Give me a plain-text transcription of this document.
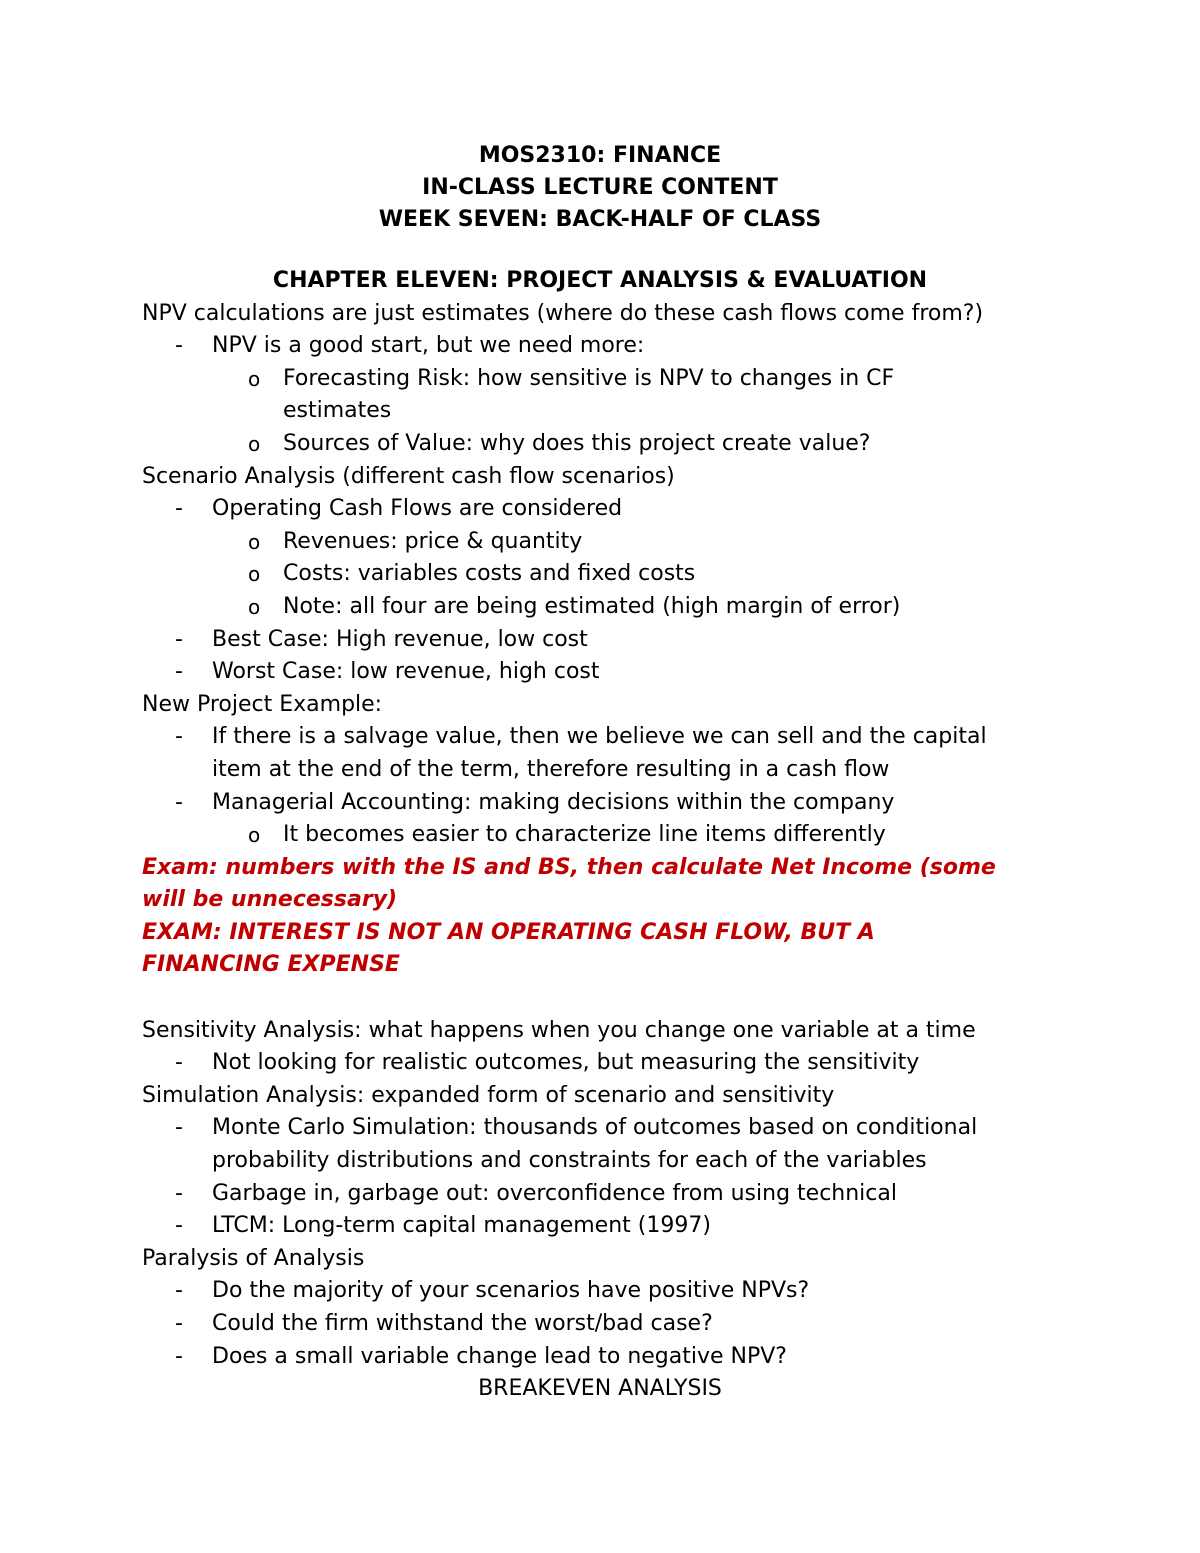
MOS2310: FINANCE
IN-CLASS LECTURE CONTENT
WEEK SEVEN: BACK-HALF OF CLASS
CHAPTER ELEVEN: PROJECT ANALYSIS & EVALUATION
NPV calculations are just estimates (where do these cash flows come from?)
- NPV is a good start, but we need more:
o Forecasting Risk: how sensitive is NPV to changes in CF
estimates
o Sources of Value: why does this project create value?
Scenario Analysis (different cash flow scenarios)
- Operating Cash Flows are considered
o Revenues: price & quantity
o Costs: variables costs and fixed costs
o Note: all four are being estimated (high margin of error)
- Best Case: High revenue, low cost
- Worst Case: low revenue, high cost
New Project Example:
- If there is a salvage value, then we believe we can sell and the capital
item at the end of the term, therefore resulting in a cash flow
- Managerial Accounting: making decisions within the company
o It becomes easier to characterize line items differently
Exam: numbers with the IS and BS, then calculate Net Income (some
will be unnecessary)
EXAM: INTEREST IS NOT AN OPERATING CASH FLOW, BUT A
FINANCING EXPENSE
Sensitivity Analysis: what happens when you change one variable at a time
- Not looking for realistic outcomes, but measuring the sensitivity
Simulation Analysis: expanded form of scenario and sensitivity
- Monte Carlo Simulation: thousands of outcomes based on conditional
probability distributions and constraints for each of the variables
- Garbage in, garbage out: overconfidence from using technical
- LTCM: Long-term capital management (1997)
Paralysis of Analysis
- Do the majority of your scenarios have positive NPVs?
- Could the firm withstand the worst/bad case?
- Does a small variable change lead to negative NPV?
BREAKEVEN ANALYSIS
